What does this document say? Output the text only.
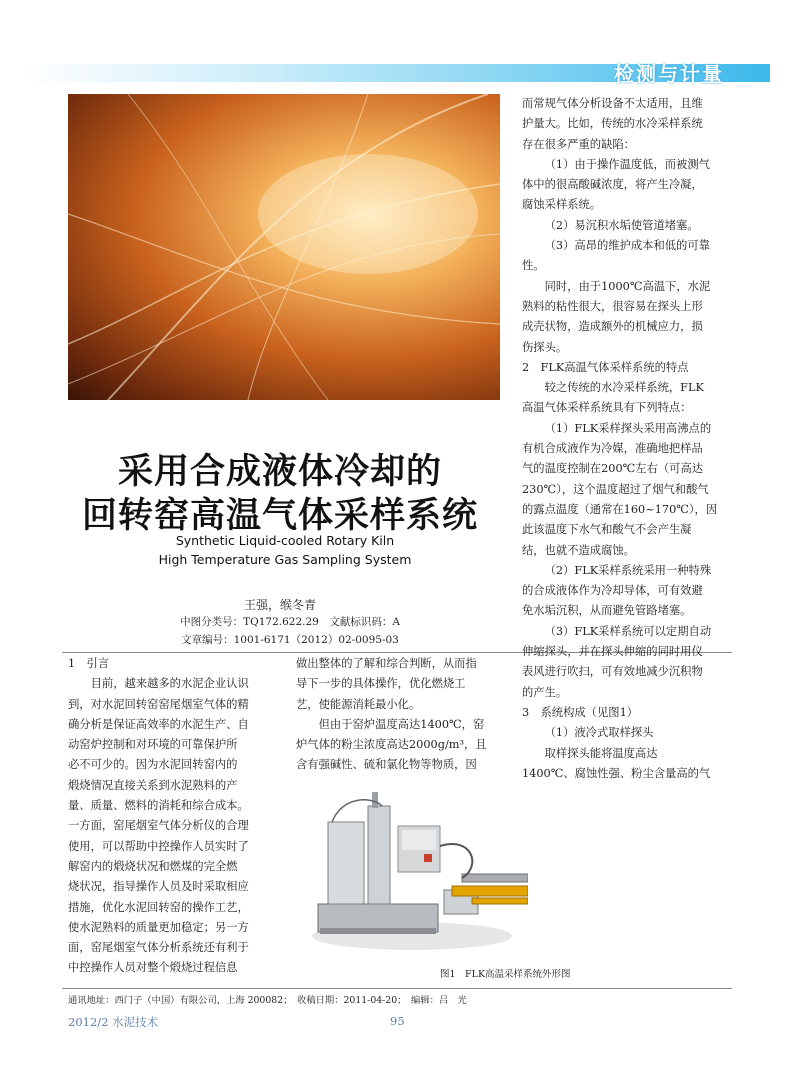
检测与计量
采用合成液体冷却的
回转窑高温气体采样系统
Synthetic Liquid-cooled Rotary Kiln
High Temperature Gas Sampling System
王强，缑冬青
中图分类号：TQ172.622.29　文献标识码：A
文章编号：1001-6171（2012）02-0095-03

1　引言

目前，越来越多的水泥企业认识

到，对水泥回转窑窑尾烟室气体的精

确分析是保证高效率的水泥生产、自

动窑炉控制和对环境的可靠保护所

必不可少的。因为水泥回转窑内的

煅烧情况直接关系到水泥熟料的产

量、质量、燃料的消耗和综合成本。

一方面，窑尾烟室气体分析仪的合理

使用，可以帮助中控操作人员实时了

解窑内的煅烧状况和燃煤的完全燃

烧状况，指导操作人员及时采取相应

措施，优化水泥回转窑的操作工艺，

使水泥熟料的质量更加稳定；另一方

面，窑尾烟室气体分析系统还有利于

中控操作人员对整个煅烧过程信息

做出整体的了解和综合判断，从而指

导下一步的具体操作，优化燃烧工

艺，使能源消耗最小化。

但由于窑炉温度高达1400℃，窑

炉气体的粉尘浓度高达2000g/m³，且

含有强碱性、硫和氯化物等物质，因

而常规气体分析设备不太适用，且维

护量大。比如，传统的水冷采样系统

存在很多严重的缺陷：

（1）由于操作温度低，而被测气

体中的很高酸碱浓度，将产生冷凝，

腐蚀采样系统。

（2）易沉积水垢使管道堵塞。

（3）高昂的维护成本和低的可靠

性。

同时，由于1000℃高温下，水泥

熟料的粘性很大，很容易在探头上形

成壳状物，造成额外的机械应力，损

伤探头。

2　FLK高温气体采样系统的特点

较之传统的水冷采样系统，FLK

高温气体采样系统具有下列特点：

（1）FLK采样探头采用高沸点的

有机合成液作为冷媒，准确地把样品

气的温度控制在200℃左右（可高达

230℃），这个温度超过了烟气和酸气

的露点温度（通常在160~170℃），因

此该温度下水气和酸气不会产生凝

结，也就不造成腐蚀。

（2）FLK采样系统采用一种特殊

的合成液体作为冷却导体，可有效避

免水垢沉积，从而避免管路堵塞。

（3）FLK采样系统可以定期自动

伸缩探头，并在探头伸缩的同时用仪

表风进行吹扫，可有效地减少沉积物

的产生。

3　系统构成（见图1）

（1）液冷式取样探头

取样探头能将温度高达

1400℃、腐蚀性强、粉尘含量高的气

图1　FLK高温采样系统外形图
通讯地址：西门子（中国）有限公司，上海 200082；　收稿日期：2011-04-20；　编辑：吕　光
2012/2 水泥技术	95
